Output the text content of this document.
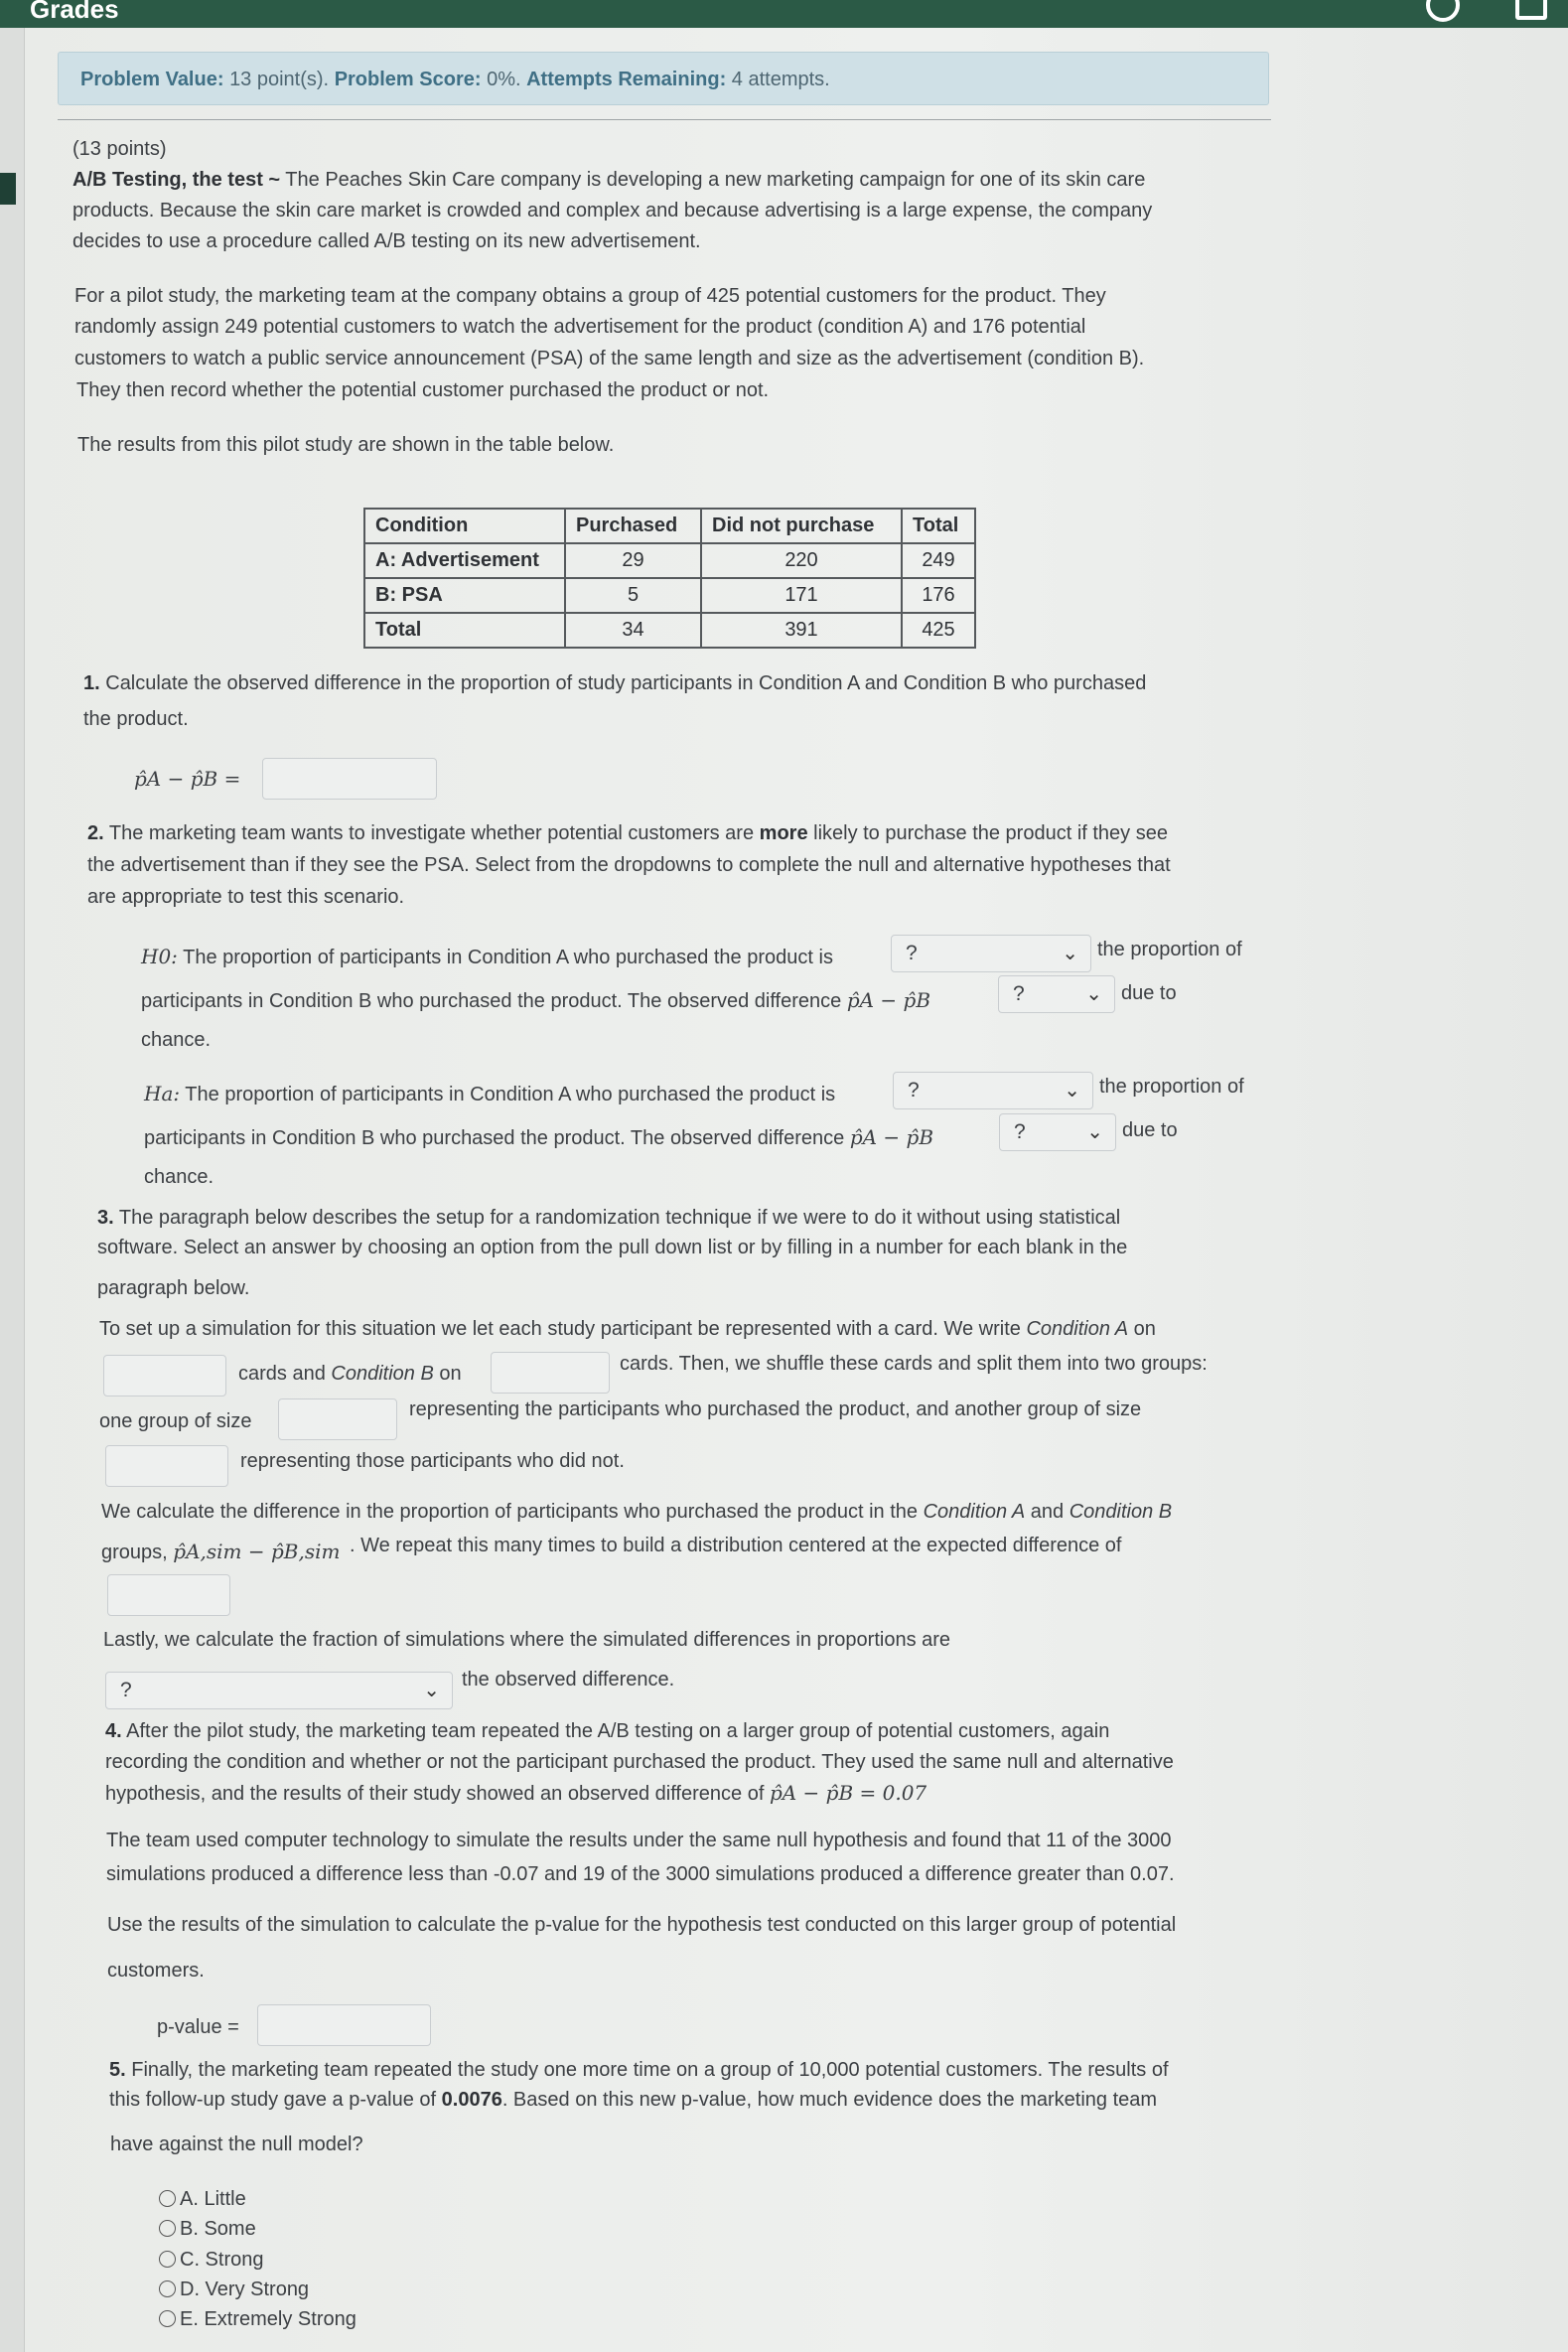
Grades
Problem Value: 13 point(s). Problem Score: 0%. Attempts Remaining: 4 attempts.
(13 points)
A/B Testing, the test ~ The Peaches Skin Care company is developing a new marketing campaign for one of its skin care
products. Because the skin care market is crowded and complex and because advertising is a large expense, the company
decides to use a procedure called A/B testing on its new advertisement.
For a pilot study, the marketing team at the company obtains a group of 425 potential customers for the product. They
randomly assign 249 potential customers to watch the advertisement for the product (condition A) and 176 potential
customers to watch a public service announcement (PSA) of the same length and size as the advertisement (condition B).
They then record whether the potential customer purchased the product or not.
The results from this pilot study are shown in the table below.
Condition	Purchased	Did not purchase	Total
A: Advertisement	29	220	249
B: PSA	5	171	176
Total	34	391	425
1. Calculate the observed difference in the proportion of study participants in Condition A and Condition B who purchased
the product.
p̂A − p̂B =
2. The marketing team wants to investigate whether potential customers are more likely to purchase the product if they see
the advertisement than if they see the PSA. Select from the dropdowns to complete the null and alternative hypotheses that
are appropriate to test this scenario.
H0: The proportion of participants in Condition A who purchased the product is	?	⌄ the proportion of
participants in Condition B who purchased the product. The observed difference p̂A − p̂B	?	⌄ due to
chance.
Ha: The proportion of participants in Condition A who purchased the product is	?	⌄ the proportion of
participants in Condition B who purchased the product. The observed difference p̂A − p̂B	?	⌄ due to
chance.
3. The paragraph below describes the setup for a randomization technique if we were to do it without using statistical
software. Select an answer by choosing an option from the pull down list or by filling in a number for each blank in the
paragraph below.
To set up a simulation for this situation we let each study participant be represented with a card. We write Condition A on
cards and Condition B on	cards. Then, we shuffle these cards and split them into two groups:
one group of size
representing the participants who purchased the product, and another group of size
representing those participants who did not.
We calculate the difference in the proportion of participants who purchased the product in the Condition A and Condition B
groups, p̂A,sim − p̂B,sim . We repeat this many times to build a distribution centered at the expected difference of
Lastly, we calculate the fraction of simulations where the simulated differences in proportions are
?	⌄ the observed difference.
4. After the pilot study, the marketing team repeated the A/B testing on a larger group of potential customers, again
recording the condition and whether or not the participant purchased the product. They used the same null and alternative
hypothesis, and the results of their study showed an observed difference of p̂A − p̂B = 0.07
The team used computer technology to simulate the results under the same null hypothesis and found that 11 of the 3000
simulations produced a difference less than -0.07 and 19 of the 3000 simulations produced a difference greater than 0.07.
Use the results of the simulation to calculate the p-value for the hypothesis test conducted on this larger group of potential
customers.
p-value =
5. Finally, the marketing team repeated the study one more time on a group of 10,000 potential customers. The results of
this follow-up study gave a p-value of 0.0076. Based on this new p-value, how much evidence does the marketing team
have against the null model?
A. Little
B. Some
C. Strong
D. Very Strong
E. Extremely Strong
